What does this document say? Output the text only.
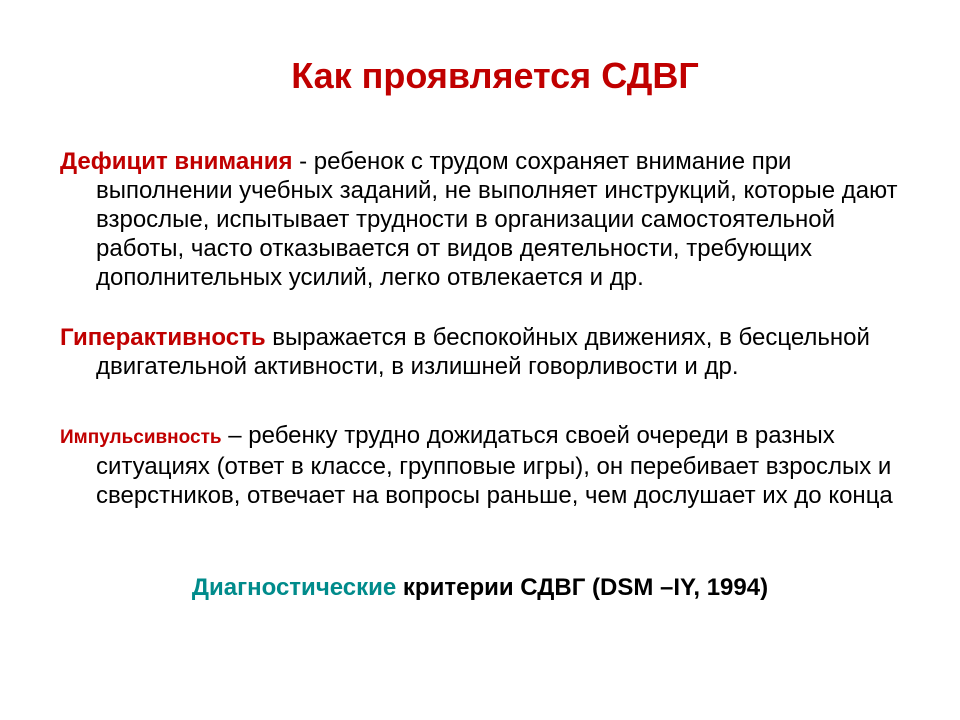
Как проявляется СДВГ
Дефицит внимания - ребенок с трудом сохраняет внимание при выполнении учебных заданий, не выполняет инструкций, которые дают взрослые, испытывает трудности в организации самостоятельной работы, часто отказывается от видов деятельности, требующих дополнительных усилий, легко отвлекается и др.
Гиперактивность выражается в беспокойных движениях, в бесцельной двигательной активности, в излишней говорливости и др.
Импульсивность – ребенку трудно дожидаться своей очереди в разных ситуациях (ответ в классе, групповые игры), он перебивает взрослых и сверстников, отвечает на вопросы раньше, чем дослушает их до конца
Диагностические критерии СДВГ (DSM –IY, 1994)
